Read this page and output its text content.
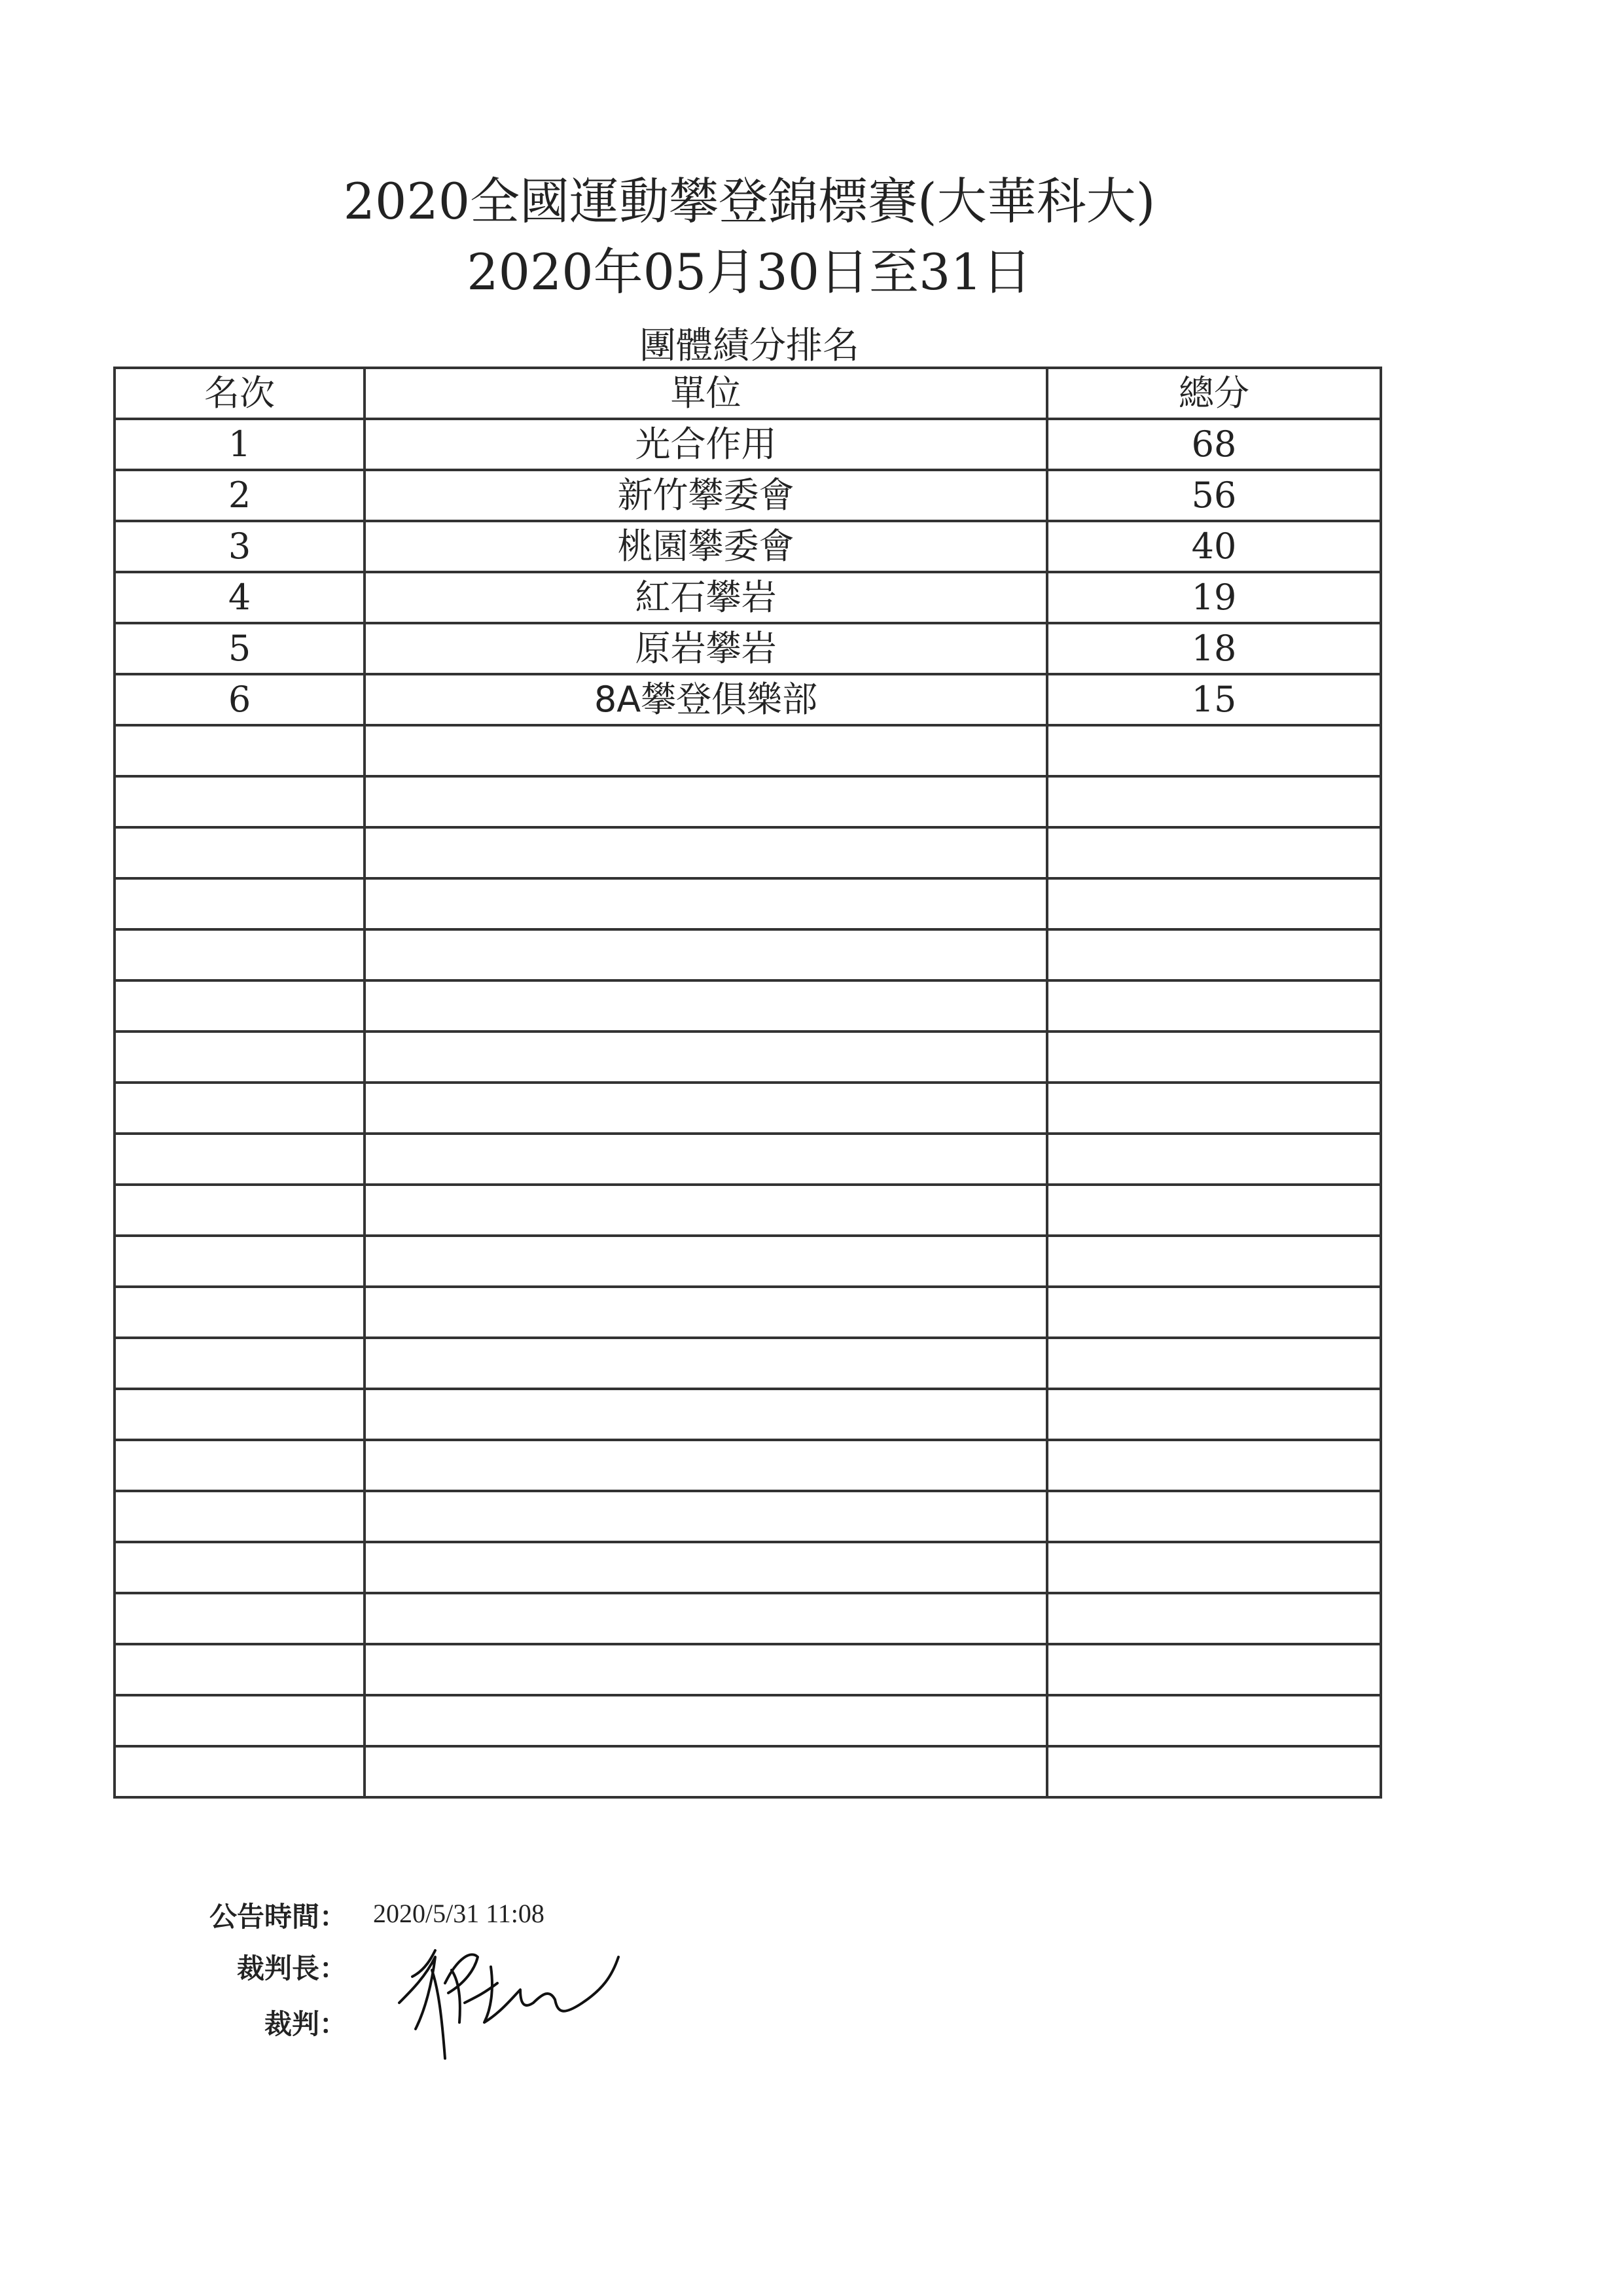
2020全國運動攀登錦標賽(大華科大)
2020年05月30日至31日
團體績分排名
名次	單位	總分
1	光合作用	68
2	新竹攀委會	56
3	桃園攀委會	40
4	紅石攀岩	19
5	原岩攀岩	18
6	8A攀登俱樂部	15

公告時間： 2020/5/31 11:08
裁判長：
裁判：
